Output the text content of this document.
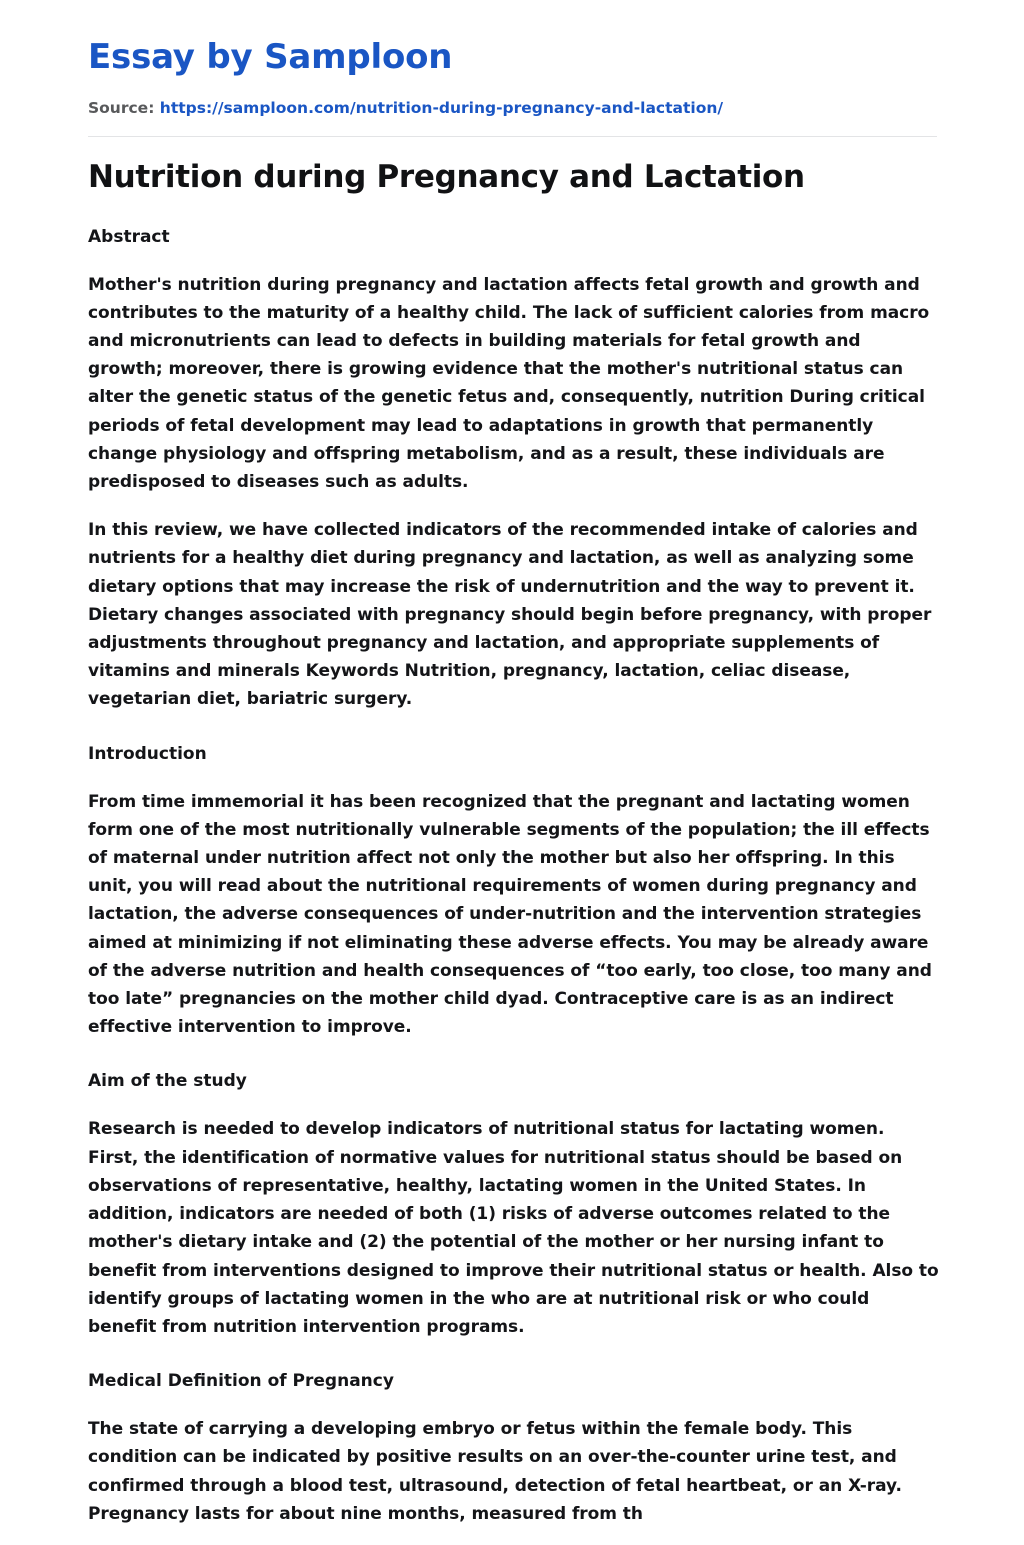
Essay by Samploon
Source: https://samploon.com/nutrition-during-pregnancy-and-lactation/
Nutrition during Pregnancy and Lactation
Abstract

Mother's nutrition during pregnancy and lactation affects fetal growth and growth and contributes to the maturity of a healthy child. The lack of sufficient calories from macro and micronutrients can lead to defects in building materials for fetal growth and growth; moreover, there is growing evidence that the mother's nutritional status can alter the genetic status of the genetic fetus and, consequently, nutrition During critical periods of fetal development may lead to adaptations in growth that permanently change physiology and offspring metabolism, and as a result, these individuals are predisposed to diseases such as adults.

In this review, we have collected indicators of the recommended intake of calories and nutrients for a healthy diet during pregnancy and lactation, as well as analyzing some dietary options that may increase the risk of undernutrition and the way to prevent it. Dietary changes associated with pregnancy should begin before pregnancy, with proper adjustments throughout pregnancy and lactation, and appropriate supplements of vitamins and minerals Keywords Nutrition, pregnancy, lactation, celiac disease, vegetarian diet, bariatric surgery.

Introduction

From time immemorial it has been recognized that the pregnant and lactating women form one of the most nutritionally vulnerable segments of the population; the ill effects of maternal under nutrition affect not only the mother but also her offspring. In this unit, you will read about the nutritional requirements of women during pregnancy and lactation, the adverse consequences of under-nutrition and the intervention strategies aimed at minimizing if not eliminating these adverse effects. You may be already aware of the adverse nutrition and health consequences of “too early, too close, too many and too late” pregnancies on the mother child dyad. Contraceptive care is as an indirect effective intervention to improve.

Aim of the study

Research is needed to develop indicators of nutritional status for lactating women. First, the identification of normative values for nutritional status should be based on observations of representative, healthy, lactating women in the United States. In addition, indicators are needed of both (1) risks of adverse outcomes related to the mother's dietary intake and (2) the potential of the mother or her nursing infant to benefit from interventions designed to improve their nutritional status or health. Also to identify groups of lactating women in the who are at nutritional risk or who could benefit from nutrition intervention programs.

Medical Definition of Pregnancy

The state of carrying a developing embryo or fetus within the female body. This condition can be indicated by positive results on an over-the-counter urine test, and confirmed through a blood test, ultrasound, detection of fetal heartbeat, or an X-ray. Pregnancy lasts for about nine months, measured from th
